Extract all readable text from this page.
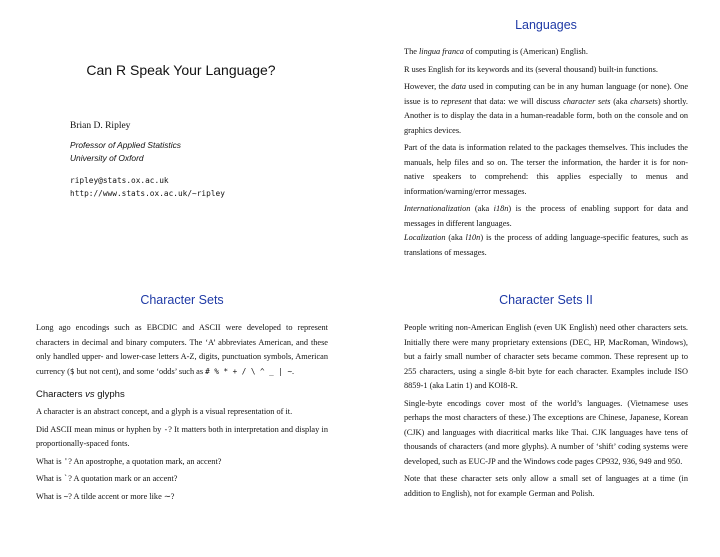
Can R Speak Your Language?
Brian D. Ripley
Professor of Applied Statistics
University of Oxford
ripley@stats.ox.ac.uk
http://www.stats.ox.ac.uk/~ripley
Languages

The lingua franca of computing is (American) English.

R uses English for its keywords and its (several thousand) built-in functions.

However, the data used in computing can be in any human language (or none). One issue is to represent that data: we will discuss character sets (aka charsets) shortly. Another is to display the data in a human-readable form, both on the console and on graphics devices.

Part of the data is information related to the packages themselves. This includes the manuals, help files and so on. The terser the information, the harder it is for non-native speakers to comprehend: this applies especially to menus and information/warning/error messages.

Internationalization (aka i18n) is the process of enabling support for data and messages in different languages.
Localization (aka l10n) is the process of adding language-specific features, such as translations of messages.

Character Sets

Long ago encodings such as EBCDIC and ASCII were developed to represent characters in decimal and binary computers. The ‘A’ abbreviates American, and these only handled upper- and lower-case letters A-Z, digits, punctuation symbols, American currency ($ but not cent), and some ‘odds’ such as # % * + / \ ^ _ | ~.

Characters vs glyphs

A character is an abstract concept, and a glyph is a visual representation of it.

Did ASCII mean minus or hyphen by -? It matters both in interpretation and display in proportionally-spaced fonts.

What is '? An apostrophe, a quotation mark, an accent?

What is `? A quotation mark or an accent?

What is ~? A tilde accent or more like ∼?

Character Sets II

People writing non-American English (even UK English) need other characters sets. Initially there were many proprietary extensions (DEC, HP, MacRoman, Windows), but a fairly small number of character sets became common. These represent up to 255 characters, using a single 8-bit byte for each character. Examples include ISO 8859-1 (aka Latin 1) and KOI8-R.

Single-byte encodings cover most of the world’s languages. (Vietnamese uses perhaps the most characters of these.) The exceptions are Chinese, Japanese, Korean (CJK) and languages with diacritical marks like Thai. CJK languages have tens of thousands of characters (and more glyphs). A number of ‘shift’ coding systems were developed, such as EUC-JP and the Windows code pages CP932, 936, 949 and 950.

Note that these character sets only allow a small set of languages at a time (in addition to English), not for example German and Polish.
